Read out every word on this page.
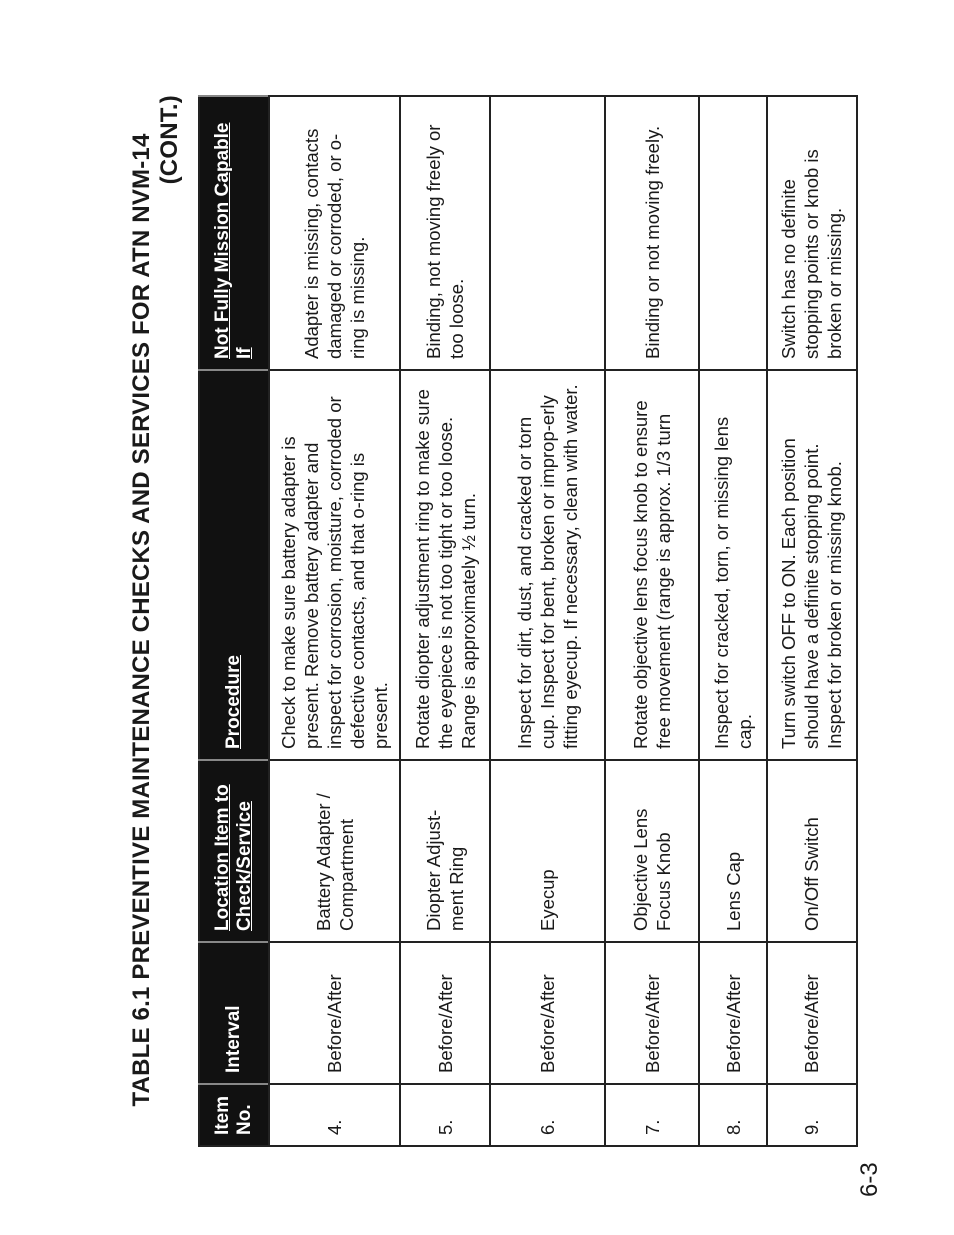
TABLE 6.1 PREVENTIVE MAINTENANCE CHECKS AND SERVICES FOR ATN NVM-14 (CONT.)
Item No.	Interval	Location Item to Check/Service	Procedure	Not Fully Mission Capable If
4.	Before/After	Battery Adapter / Compartment	Check to make sure battery adapter is present. Remove battery adapter and inspect for corrosion, moisture, corroded or defective contacts, and that o-ring is present.	Adapter is missing, contacts damaged or corroded, or o-ring is missing.
5.	Before/After	Diopter Adjust-ment Ring	Rotate diopter adjustment ring to make sure the eyepiece is not too tight or too loose. Range is approximately ½ turn.	Binding, not moving freely or too loose.
6.	Before/After	Eyecup	Inspect for dirt, dust, and cracked or torn cup. Inspect for bent, broken or improp-erly fitting eyecup. If necessary, clean with water.	
7.	Before/After	Objective Lens Focus Knob	Rotate objective lens focus knob to ensure free movement (range is approx. 1/3 turn	Binding or not moving freely.
8.	Before/After	Lens Cap	Inspect for cracked, torn, or missing lens cap.	
9.	Before/After	On/Off Switch	Turn switch OFF to ON. Each position should have a definite stopping point. Inspect for broken or missing knob.	Switch has no definite stopping points or knob is broken or missing.
6-3
